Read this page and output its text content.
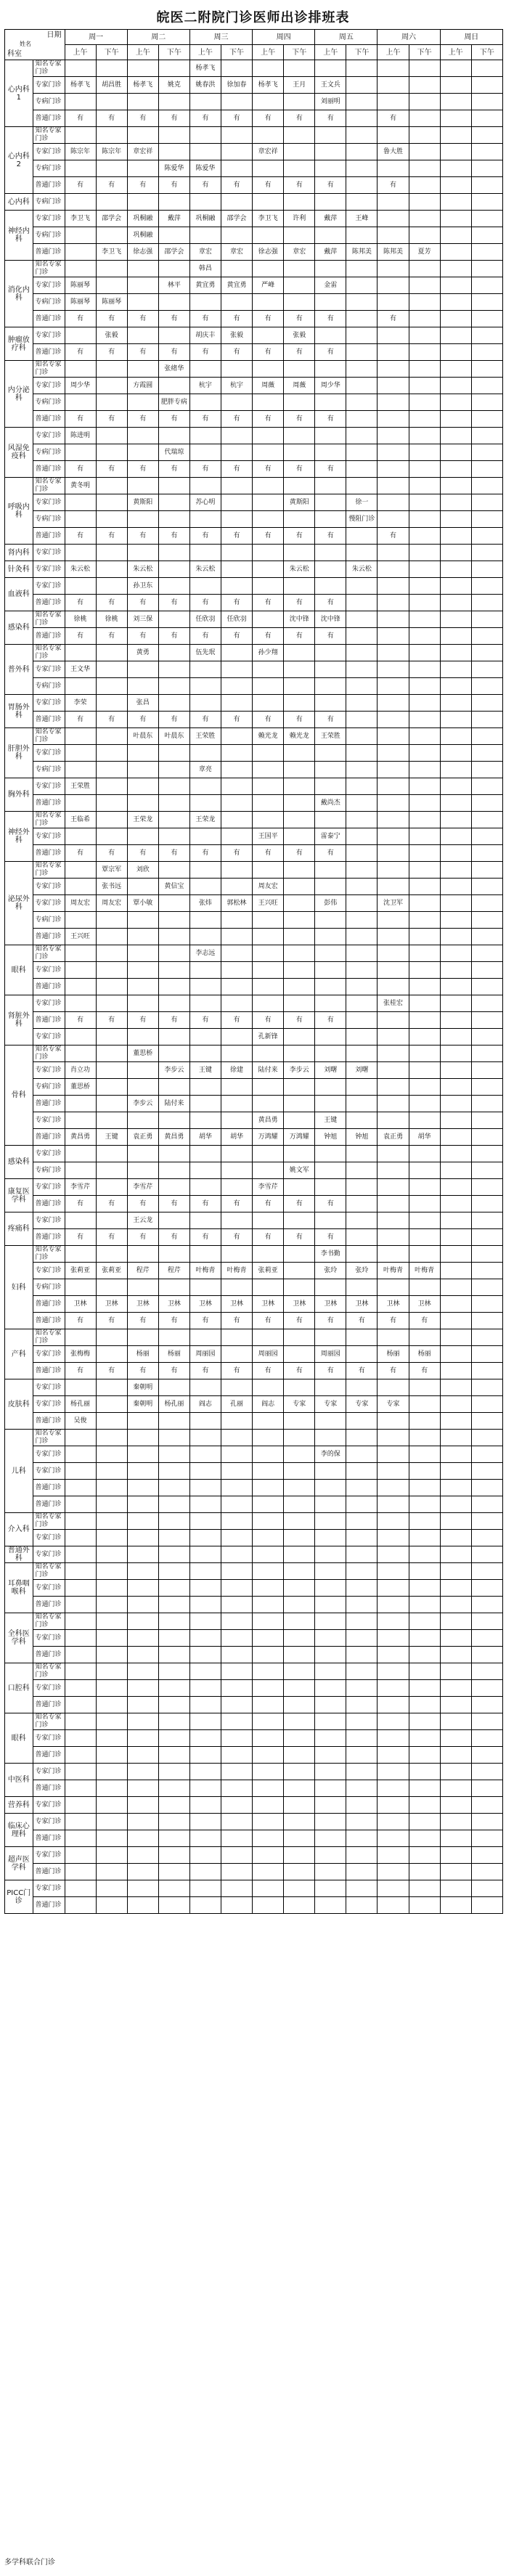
皖医二附院门诊医师出诊排班表
日期
姓名
科室		周一		周二		周三		周四		周五		周六		周日	
		上午	下午	上午	下午	上午	下午	上午	下午	上午	下午	上午	下午	上午	下午
心内科1	知名专家门诊					杨孝飞									
	专家门诊	杨孝飞	胡昌胜	杨孝飞	姚克	姚春洪	徐加春	杨孝飞	王月	王文兵					
	专病门诊									刘丽明					
	普通门诊	有	有	有	有	有	有	有	有	有		有			
心内科2	知名专家门诊														
	专家门诊	陈宗年	陈宗年	章宏祥				章宏祥				鲁大胜			
	专病门诊				陈爱华	陈爱华									
	普通门诊	有	有	有	有	有	有	有	有	有		有			
心内科	专病门诊														
神经内科	专家门诊	李卫飞	邵学会	巩桐融	戴萍	巩桐融	邵学会	李卫飞	许利	戴萍	王峰				
	专病门诊			巩桐融											
	普通门诊		李卫飞	徐志强	邵学会	章宏	章宏	徐志强	章宏	戴萍	陈邦美	陈邦美	夏芳		
消化内科	知名专家门诊					韩昌									
	专家门诊	陈丽琴			林平	黄宜勇	黄宜勇	严峰		金雷					
	专病门诊	陈丽琴	陈丽琴												
	普通门诊	有	有	有	有	有	有	有	有	有		有			
肿瘤放疗科	专家门诊		张毅			胡庆丰	张毅		张毅						
	普通门诊	有	有	有	有	有	有	有	有	有					
内分泌科	知名专家门诊				张绪华										
	专家门诊	周少华		方霞圆		杭宇	杭宇	周薇	周薇	周少华					
	专病门诊				肥胖专病										
	普通门诊	有	有	有	有	有	有	有	有	有					
风湿免疫科	专家门诊	陈进明													
	专病门诊				代瑞琼										
	普通门诊	有	有	有	有	有	有	有	有	有					
呼吸内科	知名专家门诊	黄冬明													
	专家门诊			黄斯阳		苏心明			黄斯阳		徐一				
	专病门诊										慢阻门诊				
	普通门诊	有	有	有	有	有	有	有	有	有		有			
肾内科	专家门诊														
针灸科	专家门诊	朱云松		朱云松		朱云松			朱云松		朱云松				
血液科	专家门诊			孙卫东											
	普通门诊	有	有	有	有	有	有	有	有	有					
感染科	知名专家门诊	徐桃	徐桃	刘三保		任欣羽	任欣羽		沈中锋	沈中锋					
	普通门诊	有	有	有	有	有	有	有	有	有					
普外科	知名专家门诊			黄勇		伍先珉		孙少翔							
	专家门诊	王文华													
	专病门诊														
胃肠外科	专家门诊	李荣		张昌											
	普通门诊	有	有	有	有	有	有	有	有	有					
肝胆外科	知名专家门诊			叶晨东	叶晨东	王荣胜		赖光龙	赖光龙	王荣胜					
	专家门诊														
	专病门诊					章亮									
胸外科	专家门诊	王荣胜													
	普通门诊									戴尚杰					
神经外科	知名专家门诊	王临希		王荣龙		王荣龙									
	专家门诊							王国平		雷泰宁					
	普通门诊	有	有	有	有	有	有	有	有	有					
泌尿外科	知名专家门诊		覃宗军	刘欣											
	专家门诊		张书远		黄信宝			周友宏							
	专家门诊	周友宏	周友宏	覃小敏		张炜	郭松林	王兴旺		彭伟		沈卫军			
	专病门诊														
	普通门诊	王兴旺													
眼科	知名专家门诊					李志远									
	专家门诊														
	普通门诊														
肾脏外科	专家门诊											张桂宏			
	普通门诊	有	有	有	有	有	有	有	有	有					
	专家门诊							孔新锋							
骨科	知名专家门诊			董思桥											
	专家门诊	肖立功			李步云	王键	徐建	陆付来	李步云	刘曙	刘曙				
	专病门诊	董思桥													
	普通门诊			李步云	陆付来										
	专家门诊							黄昌勇		王键					
	普通门诊	黄昌勇	王键	袁正勇	黄昌勇	胡华	胡华	万鸿耀	万鸿耀	钟旭	钟旭	袁正勇	胡华		
感染科	专家门诊														
	专病门诊								姚文军						
康复医学科	专家门诊	李雪芹		李雪芹				李雪芹							
	普通门诊	有	有	有	有	有	有	有	有	有					
疼痛科	专家门诊			王云龙											
	普通门诊	有	有	有	有	有	有	有	有	有					
妇科	知名专家门诊									李书勤					
	专家门诊	张莉亚	张莉亚	程芹	程芹	叶梅青	叶梅青	张莉亚		张玲	张玲	叶梅青	叶梅青		
	专病门诊														
	普通门诊	卫林	卫林	卫林	卫林	卫林	卫林	卫林	卫林	卫林	卫林	卫林	卫林		
	普通门诊	有	有	有	有	有	有	有	有	有	有	有	有		
产科	知名专家门诊														
	专家门诊	张梅梅		杨丽	杨丽	周丽园		周丽园		周丽园		杨丽	杨丽		
	普通门诊	有	有	有	有	有	有	有	有	有	有	有	有		
皮肤科	专家门诊			秦朝明											
	专家门诊	杨孔丽		秦朝明	杨孔丽	阎志	孔丽	阎志	专家	专家	专家	专家			
	普通门诊	吴俊													
儿科	知名专家门诊														
	专家门诊									李的保					
	专家门诊														
	普通门诊														
	普通门诊														
介入科	知名专家门诊														
	专家门诊														
普通外科	专家门诊														
耳鼻咽喉科	知名专家门诊														
	专家门诊														
	普通门诊														
全科医学科	知名专家门诊														
	专家门诊														
	普通门诊														
口腔科	知名专家门诊														
	专家门诊														
	普通门诊														
眼科	知名专家门诊														
	专家门诊														
	普通门诊														
中医科	专家门诊														
	普通门诊														
营养科	专家门诊														
临床心理科	专家门诊														
	普通门诊														
超声医学科	专家门诊														
	普通门诊														
PICC门诊	专家门诊														
	普通门诊														
多学科联合门诊
